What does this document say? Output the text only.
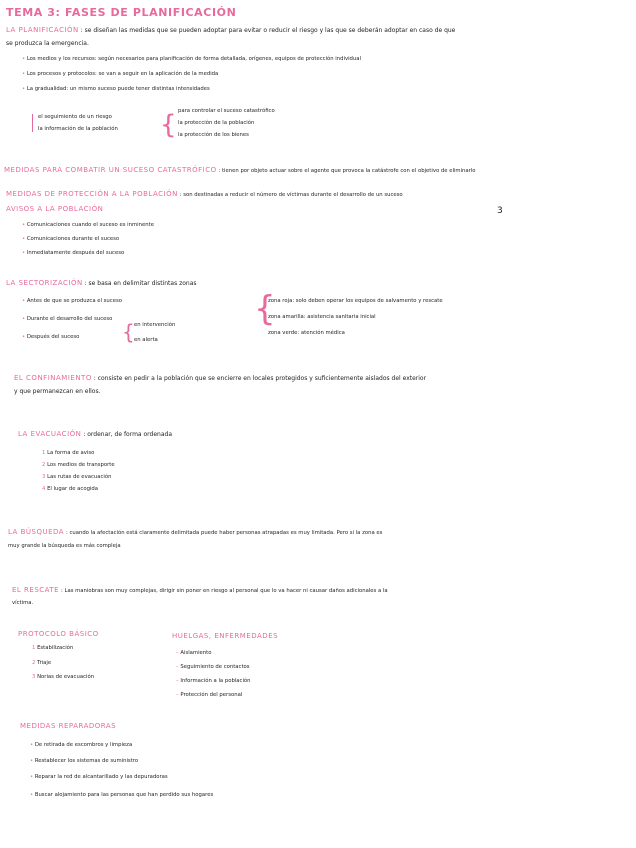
TEMA 3: FASES DE PLANIFICACIÓN
LA PLANIFICACIÓN : se diseñan las medidas que se pueden adoptar para evitar o reducir el riesgo y las que se deberán adoptar en caso de que
se produzca la emergencia.
• Los medios y los recursos: según necesarios para planificación de forma detallada, orígenes, equipos de protección individual
• Los procesos y protocolos: se van a seguir en la aplicación de la medida
• La gradualidad: un mismo suceso puede tener distintas intensidades
el seguimiento de un riesgo
la información de la población { para controlar el suceso catastrófico
la protección de la población
la protección de los bienes
MEDIDAS PARA COMBATIR UN SUCESO CATASTRÓFICO : tienen por objeto actuar sobre el agente que provoca la catástrofe con el objetivo de eliminarlo
MEDIDAS DE PROTECCIÓN A LA POBLACIÓN : son destinadas a reducir el número de víctimas durante el desarrollo de un suceso
AVISOS A LA POBLACIÓN	3
• Comunicaciones cuando el suceso es inminente
• Comunicaciones durante el suceso
• Inmediatamente después del suceso
LA SECTORIZACIÓN : se basa en delimitar distintas zonas
• Antes de que se produzca el suceso
• Durante el desarrollo del suceso
• Después del suceso { en intervención
en alerta
{
zona roja: solo deben operar los equipos de salvamento y rescate
zona amarilla: asistencia sanitaria inicial
zona verde: atención médica
EL CONFINAMIENTO : consiste en pedir a la población que se encierre en locales protegidos y suficientemente aislados del exterior
y que permanezcan en ellos.
LA EVACUACIÓN : ordenar, de forma ordenada
1 La forma de aviso
2 Los medios de transporte
3 Las rutas de evacuación
4 El lugar de acogida
LA BÚSQUEDA : cuando la afectación está claramente delimitada puede haber personas atrapadas es muy limitada. Pero si la zona es
muy grande la búsqueda es más compleja
EL RESCATE : Las maniobras son muy complejas, dirigir sin poner en riesgo al personal que lo va hacer ni causar daños adicionales a la
víctima.
PROTOCOLO BÁSICO
1 Estabilización
2 Triaje
3 Norias de evacuación
HUELGAS, ENFERMEDADES
– Aislamiento
– Seguimiento de contactos
– Información a la población
– Protección del personal
MEDIDAS REPARADORAS
• De retirada de escombros y limpieza
• Restablecer los sistemas de suministro
• Reparar la red de alcantarillado y las depuradoras
• Buscar alojamiento para las personas que han perdido sus hogares
